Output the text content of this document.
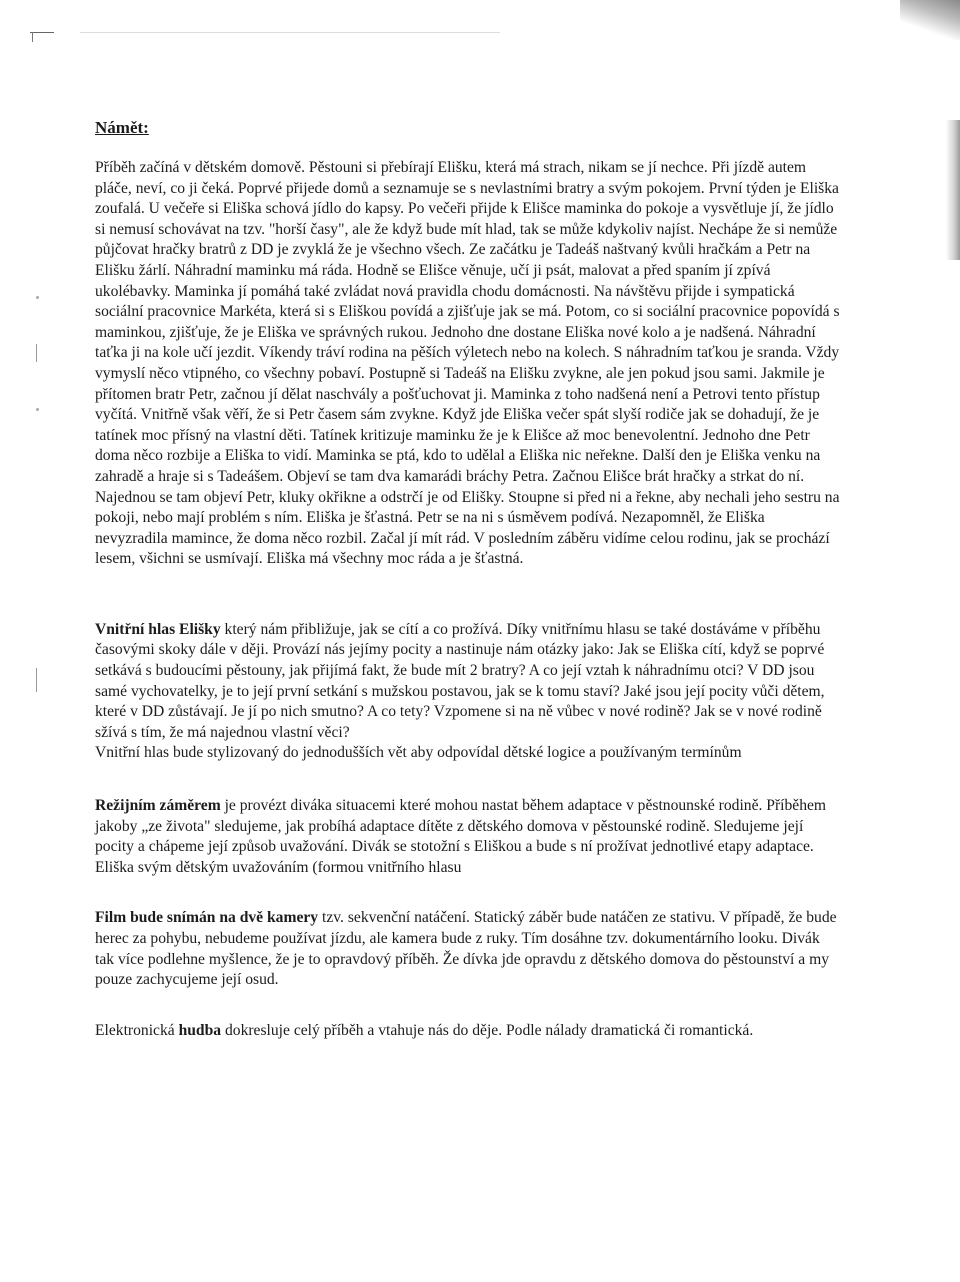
Námět:

Příběh začíná v dětském domově. Pěstouni si přebírají Elišku, která má strach, nikam se jí nechce. Při jízdě autem pláče, neví, co ji čeká. Poprvé přijede domů a seznamuje se s nevlastními bratry a svým pokojem. První týden je Eliška zoufalá. U večeře si Eliška schová jídlo do kapsy. Po večeři přijde k Elišce maminka do pokoje a vysvětluje jí, že jídlo si nemusí schovávat na tzv. "horší časy", ale že když bude mít hlad, tak se může kdykoliv najíst. Nechápe že si nemůže půjčovat hračky bratrů z DD je zvyklá že je všechno všech. Ze začátku je Tadeáš naštvaný kvůli hračkám a Petr na Elišku žárlí. Náhradní maminku má ráda. Hodně se Elišce věnuje, učí ji psát, malovat a před spaním jí zpívá ukolébavky. Maminka jí pomáhá také zvládat nová pravidla chodu domácnosti. Na návštěvu přijde i sympatická sociální pracovnice Markéta, která si s Eliškou povídá a zjišťuje jak se má. Potom, co si sociální pracovnice popovídá s maminkou, zjišťuje, že je Eliška ve správných rukou. Jednoho dne dostane Eliška nové kolo a je nadšená. Náhradní taťka ji na kole učí jezdit. Víkendy tráví rodina na pěších výletech nebo na kolech. S náhradním taťkou je sranda. Vždy vymyslí něco vtipného, co všechny pobaví. Postupně si Tadeáš na Elišku zvykne, ale jen pokud jsou sami. Jakmile je přítomen bratr Petr, začnou jí dělat naschvály a pošťuchovat ji. Maminka z toho nadšená není a Petrovi tento přístup vyčítá. Vnitřně však věří, že si Petr časem sám zvykne. Když jde Eliška večer spát slyší rodiče jak se dohadují, že je tatínek moc přísný na vlastní děti. Tatínek kritizuje maminku že je k Elišce až moc benevolentní. Jednoho dne Petr doma něco rozbije a Eliška to vidí. Maminka se ptá, kdo to udělal a Eliška nic neřekne. Další den je Eliška venku na zahradě a hraje si s Tadeášem. Objeví se tam dva kamarádi bráchy Petra. Začnou Elišce brát hračky a strkat do ní. Najednou se tam objeví Petr, kluky okřikne a odstrčí je od Elišky. Stoupne si před ni a řekne, aby nechali jeho sestru na pokoji, nebo mají problém s ním. Eliška je šťastná. Petr se na ni s úsměvem podívá. Nezapomněl, že Eliška nevyzradila mamince, že doma něco rozbil. Začal jí mít rád. V posledním záběru vidíme celou rodinu, jak se prochází lesem, všichni se usmívají. Eliška má všechny moc ráda a je šťastná.

Vnitřní hlas Elišky který nám přibližuje, jak se cítí a co prožívá. Díky vnitřnímu hlasu se také dostáváme v příběhu časovými skoky dále v ději. Provází nás jejímy pocity a nastinuje nám otázky jako: Jak se Eliška cítí, když se poprvé setkává s budoucími pěstouny, jak přijímá fakt, že bude mít 2 bratry? A co její vztah k náhradnímu otci? V DD jsou samé vychovatelky, je to její první setkání s mužskou postavou, jak se k tomu staví? Jaké jsou její pocity vůči dětem, které v DD zůstávají. Je jí po nich smutno? A co tety? Vzpomene si na ně vůbec v nové rodině? Jak se v nové rodině sžívá s tím, že má najednou vlastní věci?

Vnitřní hlas bude stylizovaný do jednodušších vět aby odpovídal dětské logice a používaným termínům

Režijním záměrem je provézt diváka situacemi které mohou nastat během adaptace v pěstnounské rodině. Příběhem jakoby „ze života" sledujeme, jak probíhá adaptace dítěte z dětského domova v pěstounské rodině. Sledujeme její pocity a chápeme její způsob uvažování. Divák se stotožní s Eliškou a bude s ní prožívat jednotlivé etapy adaptace. Eliška svým dětským uvažováním (formou vnitřního hlasu

Film bude snímán na dvě kamery tzv. sekvenční natáčení. Statický záběr bude natáčen ze stativu. V případě, že bude herec za pohybu, nebudeme používat jízdu, ale kamera bude z ruky. Tím dosáhne tzv. dokumentárního looku. Divák tak více podlehne myšlence, že je to opravdový příběh. Že dívka jde opravdu z dětského domova do pěstounství a my pouze zachycujeme její osud.

Elektronická hudba dokresluje celý příběh a vtahuje nás do děje. Podle nálady dramatická či romantická.
